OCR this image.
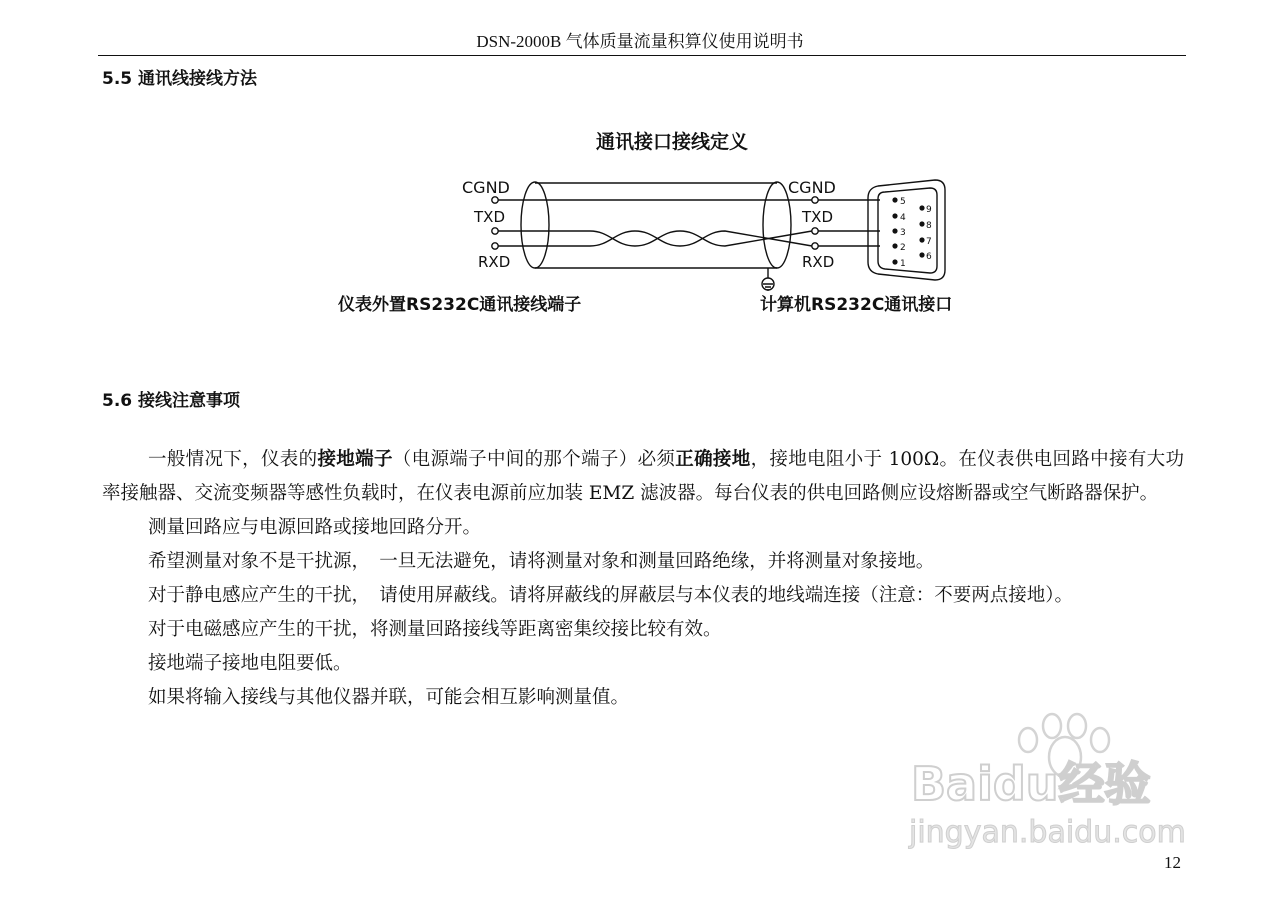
DSN-2000B 气体质量流量积算仪使用说明书
5.5 通讯线接线方法
通讯接口接线定义
CGND
TXD
RXD
CGND
TXD
RXD
仪表外置RS232C通讯接线端子	计算机RS232C通讯接口
5
4
3
2
1
9
8
7
6
5.6 接线注意事项

一般情况下，仪表的接地端子（电源端子中间的那个端子）必须正确接地，接地电阻小于 100Ω。在仪表供电回路中接有大功率接触器、交流变频器等感性负载时，在仪表电源前应加装 EMZ 滤波器。每台仪表的供电回路侧应设熔断器或空气断路器保护。

测量回路应与电源回路或接地回路分开。

希望测量对象不是干扰源，　一旦无法避免，请将测量对象和测量回路绝缘，并将测量对象接地。

对于静电感应产生的干扰，　请使用屏蔽线。请将屏蔽线的屏蔽层与本仪表的地线端连接（注意：不要两点接地）。

对于电磁感应产生的干扰，将测量回路接线等距离密集绞接比较有效。

接地端子接地电阻要低。

如果将输入接线与其他仪器并联，可能会相互影响测量值。

Baidu经验
jingyan.baidu.com
12
